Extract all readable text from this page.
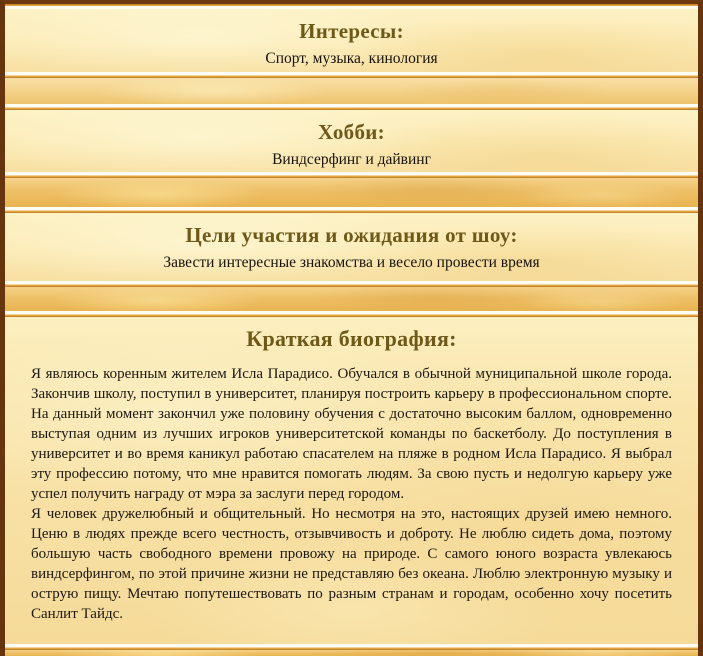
Интересы:

Спорт, музыка, кинология

Хобби:

Виндсерфинг и дайвинг

Цели участия и ожидания от шоу:

Завести интересные знакомства и весело провести время

Краткая биография:

Я являюсь коренным жителем Исла Парадисо. Обучался в обычной муниципальной школе города. Закончив школу, поступил в университет, планируя построить карьеру в профессиональном спорте. На данный момент закончил уже половину обучения с достаточно высоким баллом, одновременно выступая одним из лучших игроков университетской команды по баскетболу. До поступления в университет и во время каникул работаю спасателем на пляже в родном Исла Парадисо. Я выбрал эту профессию потому, что мне нравится помогать людям. За свою пусть и недолгую карьеру уже успел получить награду от мэра за заслуги перед городом.

Я человек дружелюбный и общительный. Но несмотря на это, настоящих друзей имею немного. Ценю в людях прежде всего честность, отзывчивость и доброту. Не люблю сидеть дома, поэтому большую часть свободного времени провожу на природе. С самого юного возраста увлекаюсь виндсерфингом, по этой причине жизни не представляю без океана. Люблю электронную музыку и острую пищу. Мечтаю попутешествовать по разным странам и городам, особенно хочу посетить Санлит Тайдс.
